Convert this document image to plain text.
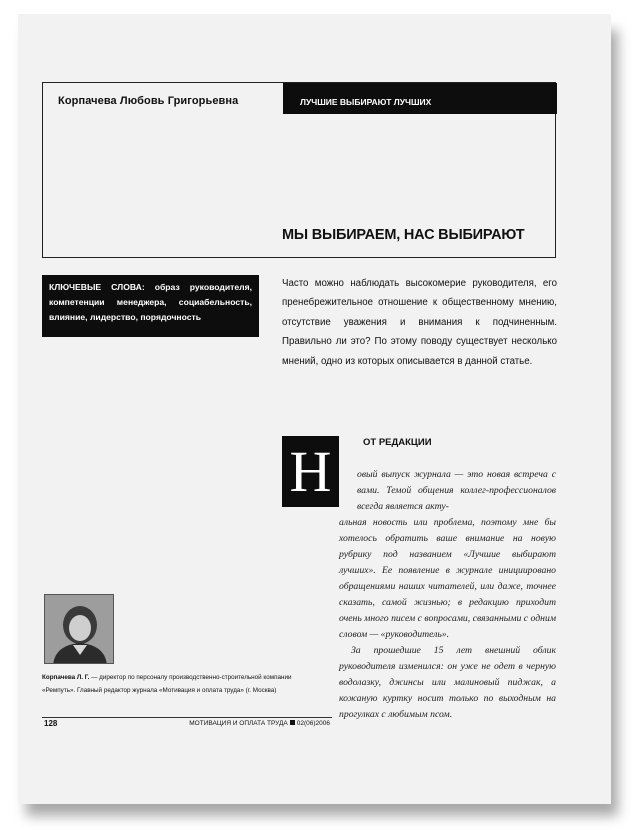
Корпачева Любовь Григорьевна	ЛУЧШИЕ ВЫБИРАЮТ ЛУЧШИХ
МЫ ВЫБИРАЕМ, НАС ВЫБИРАЮТ
КЛЮЧЕВЫЕ СЛОВА: образ руководителя, компетенции менеджера, социабельность, влияние, лидерство, порядочность
Часто можно наблюдать высокомерие руководителя, его пренебрежительное отношение к общественному мнению, отсутствие уважения и внимания к подчиненным. Правильно ли это? По этому поводу существует несколько мнений, одно из которых описывается в данной статье.
Н	ОТ РЕДАКЦИИ

овый выпуск журнала — это новая встреча с вами. Темой общения коллег-профессионалов всегда является акту-

альная новость или проблема, поэтому мне бы хотелось обратить ваше внимание на новую рубрику под названием «Лучшие выбирают лучших». Ее появление в журнале инициировано обращениями наших читателей, или даже, точнее сказать, самой жизнью; в редакцию приходит очень много писем с вопросами, связанными с одним словом — «руководитель».

За прошедшие 15 лет внешний облик руководителя изменился: он уже не одет в черную водолазку, джинсы или малиновый пиджак, а кожаную куртку носит только по выходным на прогулках с любимым псом.

Корпачева Л. Г. — директор по персоналу производственно-строительной компании «Ремпуть». Главный редактор журнала «Мотивация и оплата труда» (г. Москва)
128	МОТИВАЦИЯ И ОПЛАТА ТРУДА 02(06)2006
